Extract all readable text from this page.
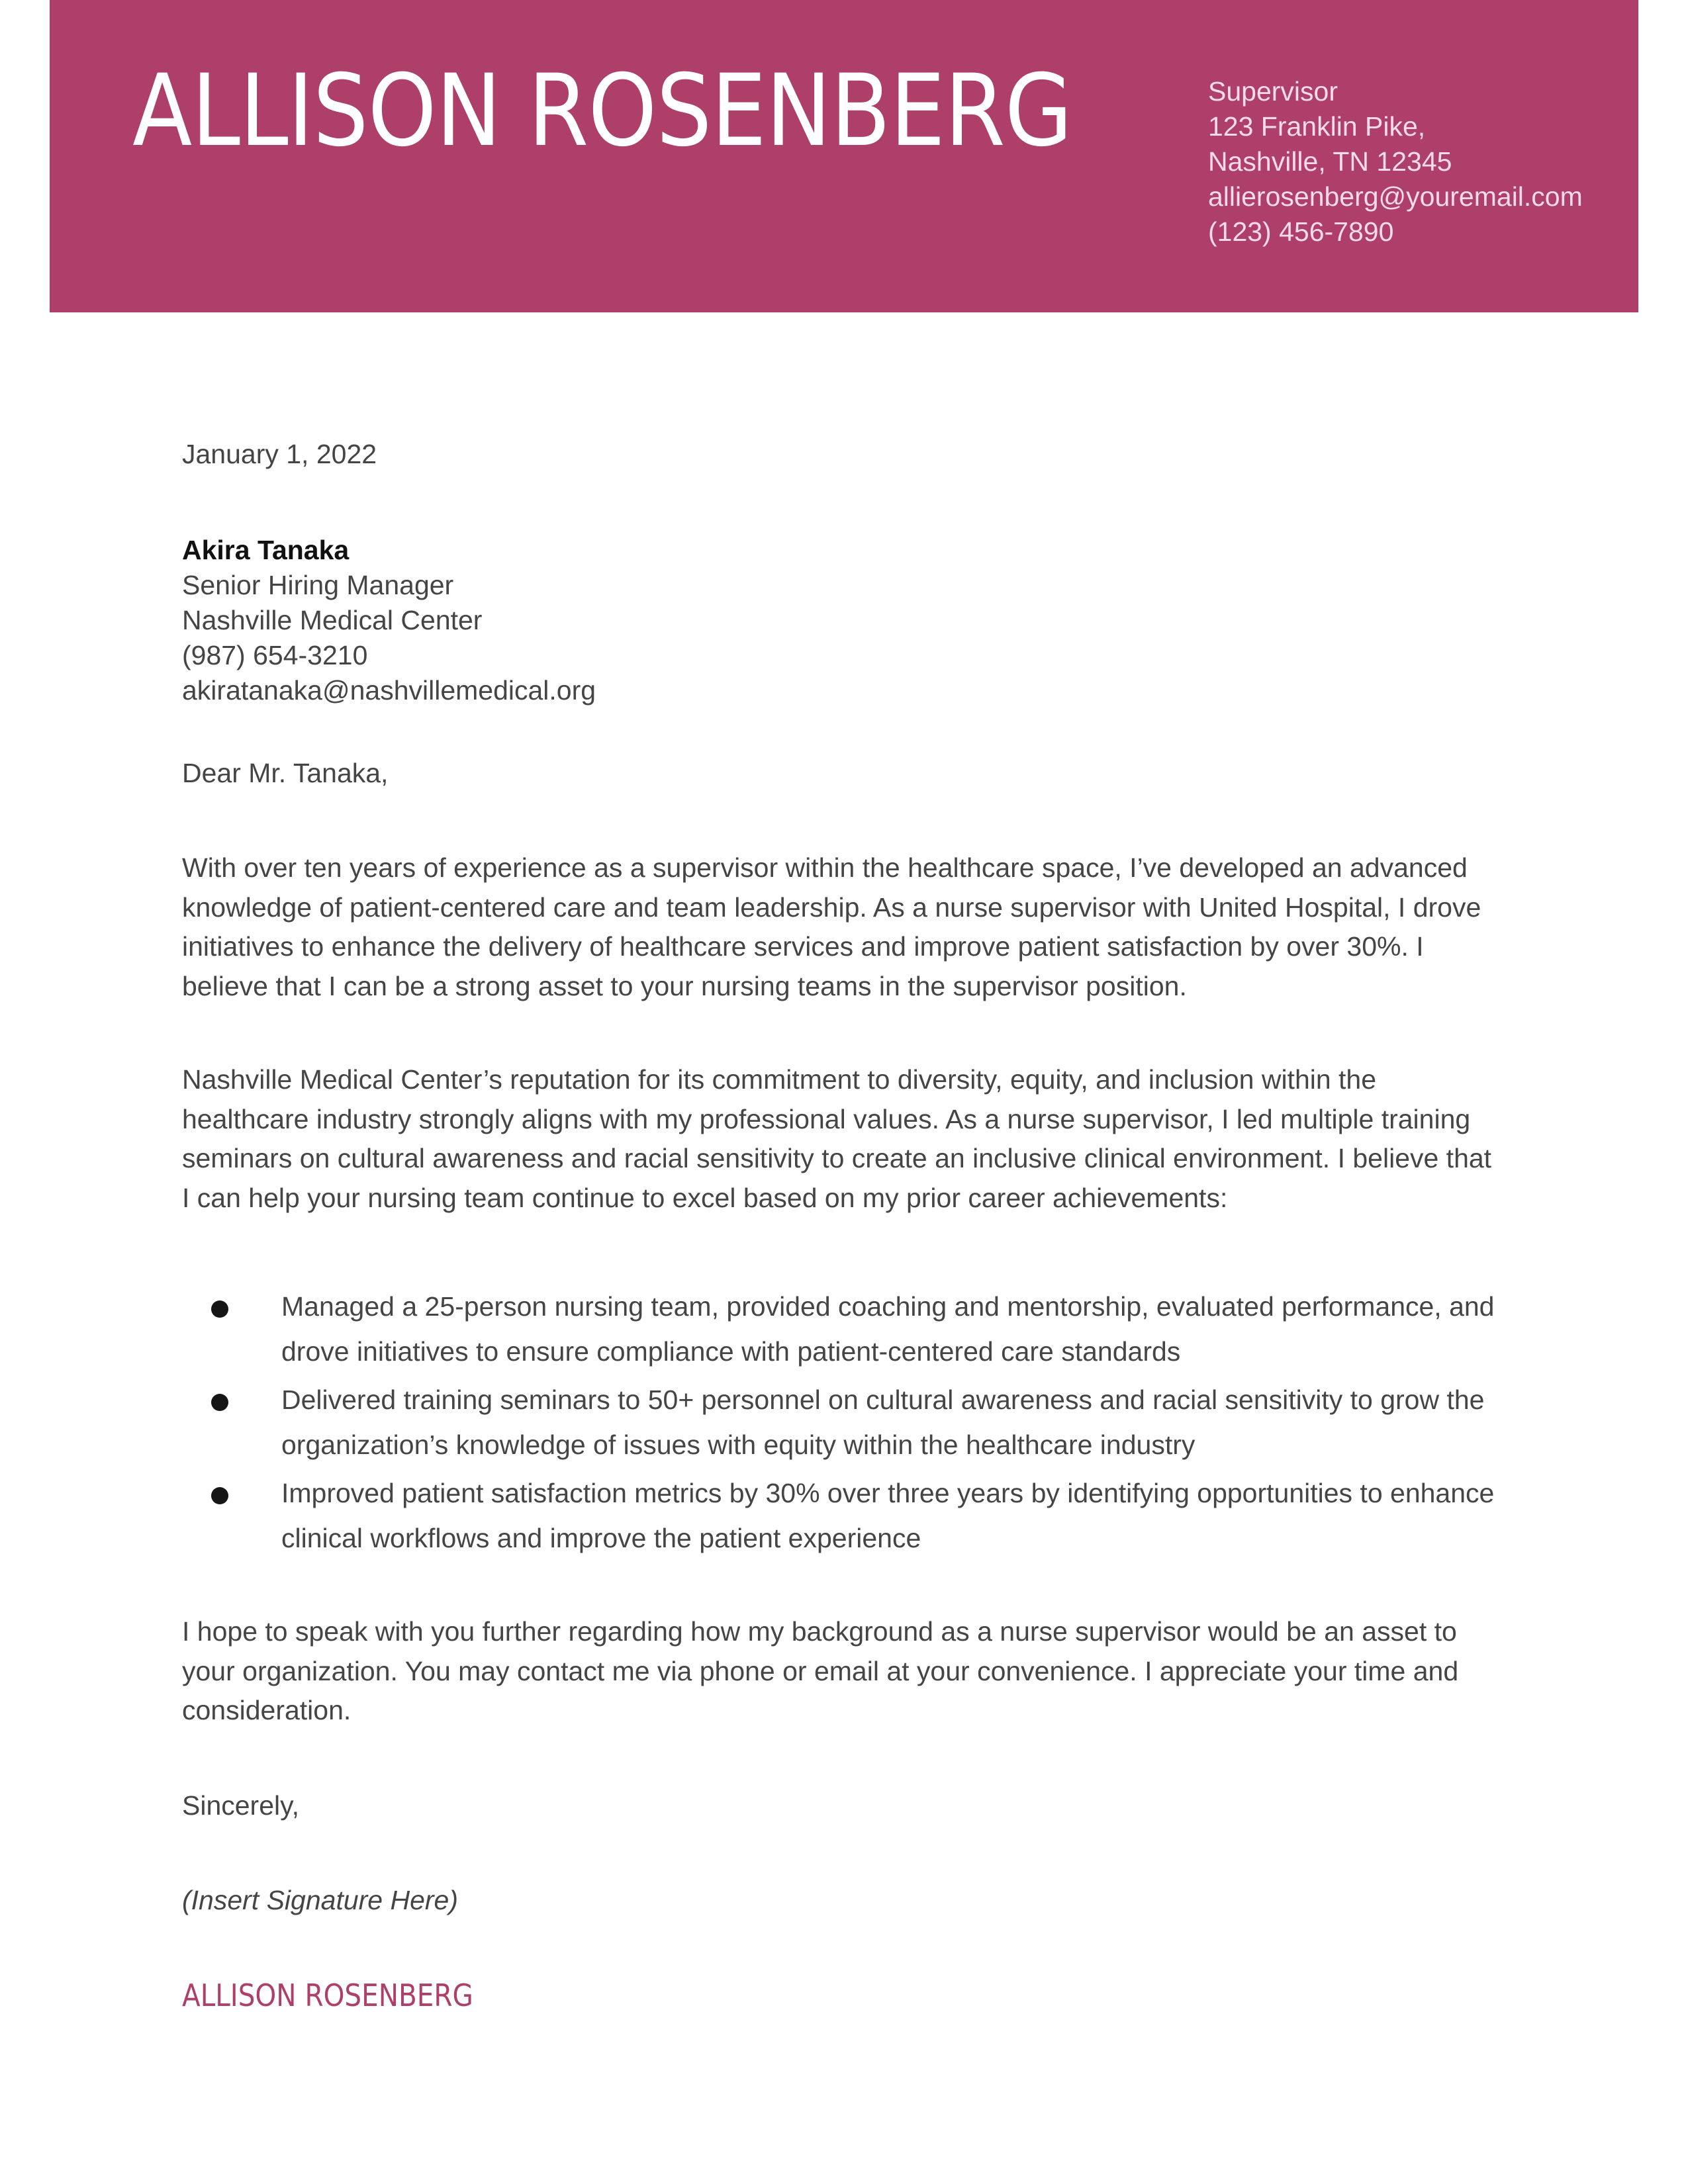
ALLISON ROSENBERG	Supervisor
123 Franklin Pike,
Nashville, TN 12345
allierosenberg@youremail.com
(123) 456-7890
January 1, 2022
Akira Tanaka
Senior Hiring Manager
Nashville Medical Center
(987) 654-3210
akiratanaka@nashvillemedical.org
Dear Mr. Tanaka,

With over ten years of experience as a supervisor within the healthcare space, I’ve developed an advanced knowledge of patient-centered care and team leadership. As a nurse supervisor with United Hospital, I drove initiatives to enhance the delivery of healthcare services and improve patient satisfaction by over 30%. I believe that I can be a strong asset to your nursing teams in the supervisor position.

Nashville Medical Center’s reputation for its commitment to diversity, equity, and inclusion within the healthcare industry strongly aligns with my professional values. As a nurse supervisor, I led multiple training seminars on cultural awareness and racial sensitivity to create an inclusive clinical environment. I believe that I can help your nursing team continue to excel based on my prior career achievements:

Managed a 25-person nursing team, provided coaching and mentorship, evaluated performance, and drove initiatives to ensure compliance with patient-centered care standards
Delivered training seminars to 50+ personnel on cultural awareness and racial sensitivity to grow the organization’s knowledge of issues with equity within the healthcare industry
Improved patient satisfaction metrics by 30% over three years by identifying opportunities to enhance clinical workflows and improve the patient experience

I hope to speak with you further regarding how my background as a nurse supervisor would be an asset to your organization. You may contact me via phone or email at your convenience. I appreciate your time and consideration.

Sincerely,
(Insert Signature Here)
ALLISON ROSENBERG
